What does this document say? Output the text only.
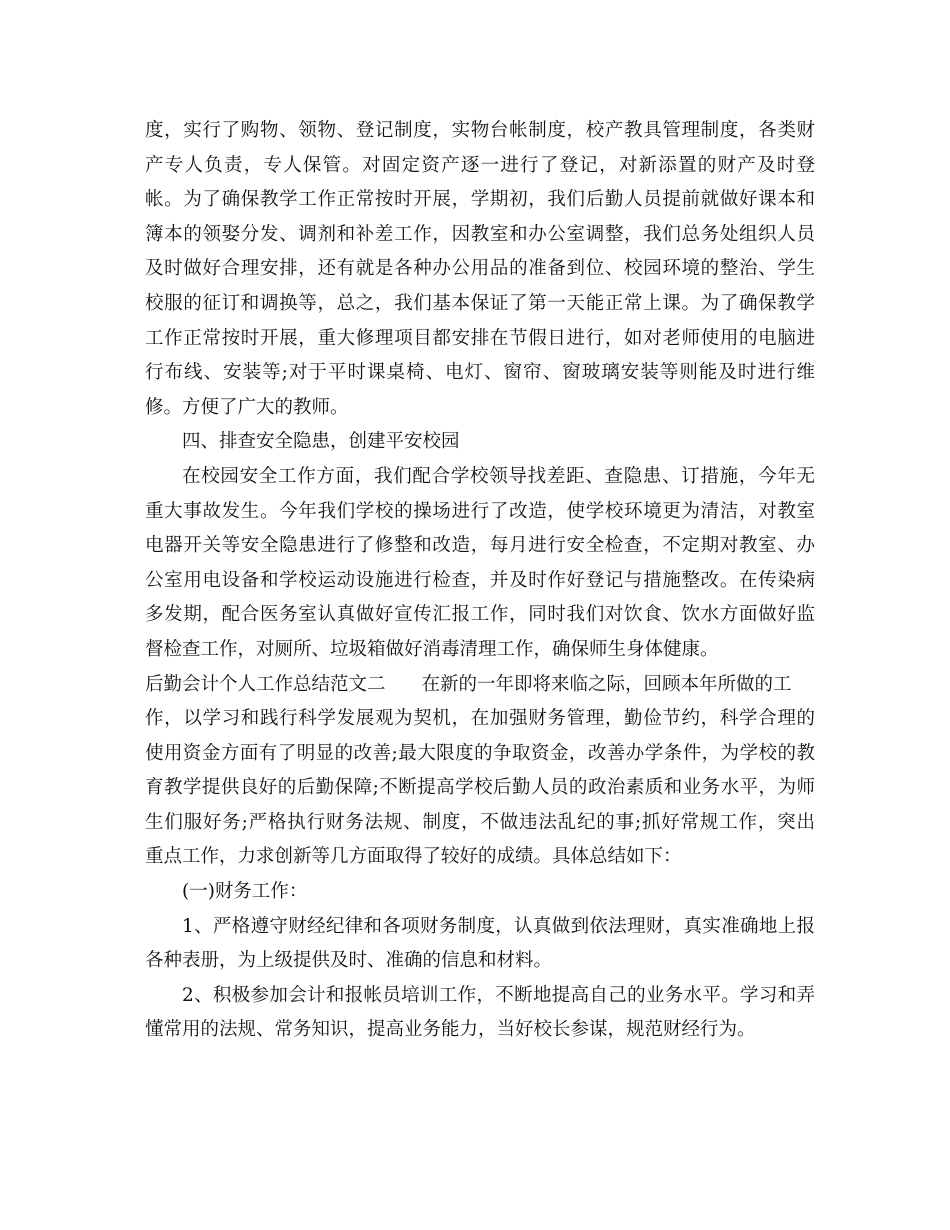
度，实行了购物、领物、登记制度，实物台帐制度，校产教具管理制度，各类财
产专人负责，专人保管。对固定资产逐一进行了登记，对新添置的财产及时登
帐。为了确保教学工作正常按时开展，学期初，我们后勤人员提前就做好课本和
簿本的领娶分发、调剂和补差工作，因教室和办公室调整，我们总务处组织人员
及时做好合理安排，还有就是各种办公用品的准备到位、校园环境的整治、学生
校服的征订和调换等，总之，我们基本保证了第一天能正常上课。为了确保教学
工作正常按时开展，重大修理项目都安排在节假日进行，如对老师使用的电脑进
行布线、安装等;对于平时课桌椅、电灯、窗帘、窗玻璃安装等则能及时进行维
修。方便了广大的教师。
四、排查安全隐患，创建平安校园
在校园安全工作方面，我们配合学校领导找差距、查隐患、订措施，今年无
重大事故发生。今年我们学校的操场进行了改造，使学校环境更为清洁，对教室
电器开关等安全隐患进行了修整和改造，每月进行安全检查，不定期对教室、办
公室用电设备和学校运动设施进行检查，并及时作好登记与措施整改。在传染病
多发期，配合医务室认真做好宣传汇报工作，同时我们对饮食、饮水方面做好监
督检查工作，对厕所、垃圾箱做好消毒清理工作，确保师生身体健康。
后勤会计个人工作总结范文二 在新的一年即将来临之际，回顾本年所做的工
作，以学习和践行科学发展观为契机，在加强财务管理，勤俭节约，科学合理的
使用资金方面有了明显的改善;最大限度的争取资金，改善办学条件，为学校的教
育教学提供良好的后勤保障;不断提高学校后勤人员的政治素质和业务水平，为师
生们服好务;严格执行财务法规、制度，不做违法乱纪的事;抓好常规工作，突出
重点工作，力求创新等几方面取得了较好的成绩。具体总结如下：
(一)财务工作：
1、严格遵守财经纪律和各项财务制度，认真做到依法理财，真实准确地上报
各种表册，为上级提供及时、准确的信息和材料。
2、积极参加会计和报帐员培训工作，不断地提高自己的业务水平。学习和弄
懂常用的法规、常务知识，提高业务能力，当好校长参谋，规范财经行为。
